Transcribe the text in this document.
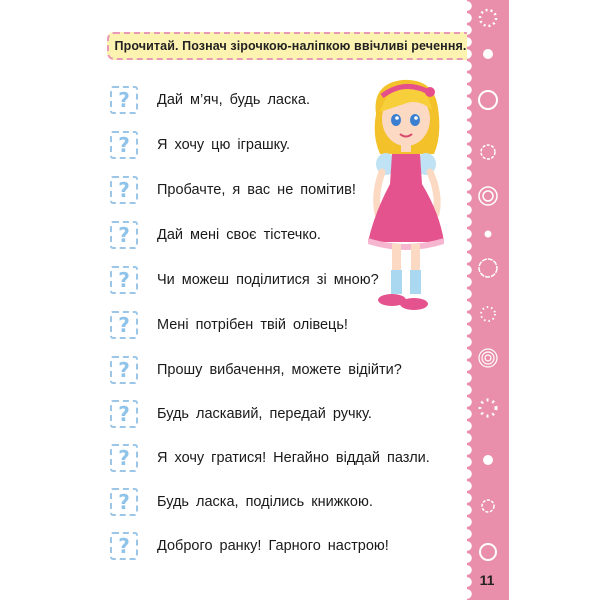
Прочитай. Познач зірочкою-наліпкою ввічливі речення.
? Дай м’яч, будь ласка.
? Я хочу цю іграшку.
? Пробачте, я вас не помітив!
? Дай мені своє тістечко.
? Чи можеш поділитися зі мною?
? Мені потрібен твій олівець!
? Прошу вибачення, можете відійти?
? Будь ласкавий, передай ручку.
? Я хочу гратися! Негайно віддай пазли.
? Будь ласка, поділись книжкою.
? Доброго ранку! Гарного настрою!
11
